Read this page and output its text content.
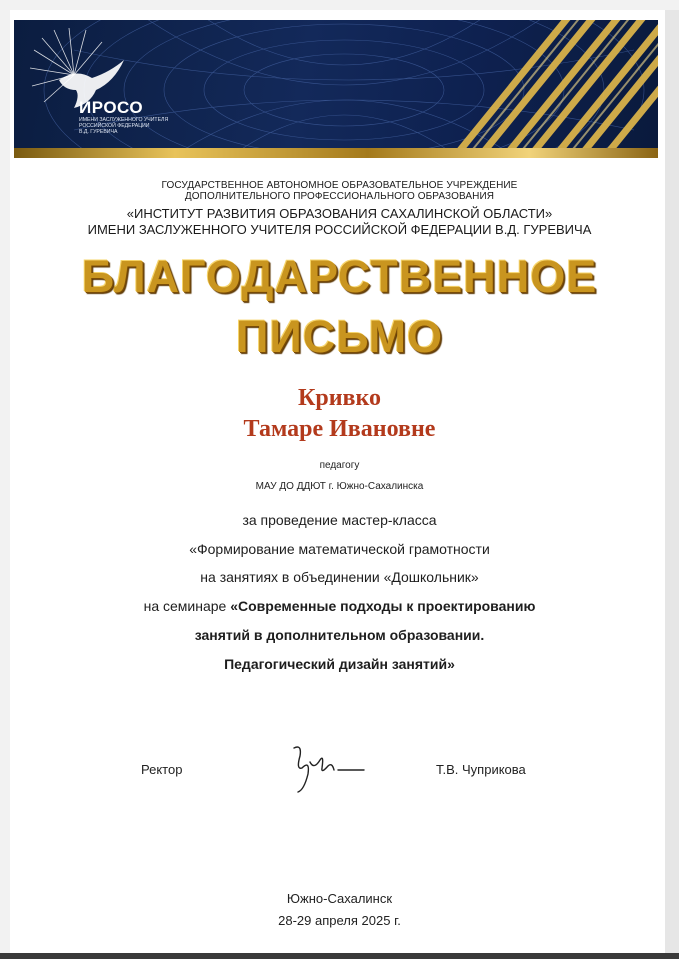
ИРОСО
ИМЕНИ ЗАСЛУЖЕННОГО УЧИТЕЛЯ
РОССИЙСКОЙ ФЕДЕРАЦИИ
В.Д. ГУРЕВИЧА
ГОСУДАРСТВЕННОЕ АВТОНОМНОЕ ОБРАЗОВАТЕЛЬНОЕ УЧРЕЖДЕНИЕ
ДОПОЛНИТЕЛЬНОГО ПРОФЕССИОНАЛЬНОГО ОБРАЗОВАНИЯ
«ИНСТИТУТ РАЗВИТИЯ ОБРАЗОВАНИЯ САХАЛИНСКОЙ ОБЛАСТИ»
ИМЕНИ ЗАСЛУЖЕННОГО УЧИТЕЛЯ РОССИЙСКОЙ ФЕДЕРАЦИИ В.Д. ГУРЕВИЧА
БЛАГОДАРСТВЕННОЕ
ПИСЬМО
Кривко
Тамаре Ивановне
педагогу
МАУ ДО ДДЮТ г. Южно-Сахалинска
за проведение мастер-класса
«Формирование математической грамотности
на занятиях в объединении «Дошкольник»
на семинаре «Современные подходы к проектированию
занятий в дополнительном образовании.
Педагогический дизайн занятий»
Ректор	Т.В. Чуприкова
Южно-Сахалинск
28-29 апреля 2025 г.
